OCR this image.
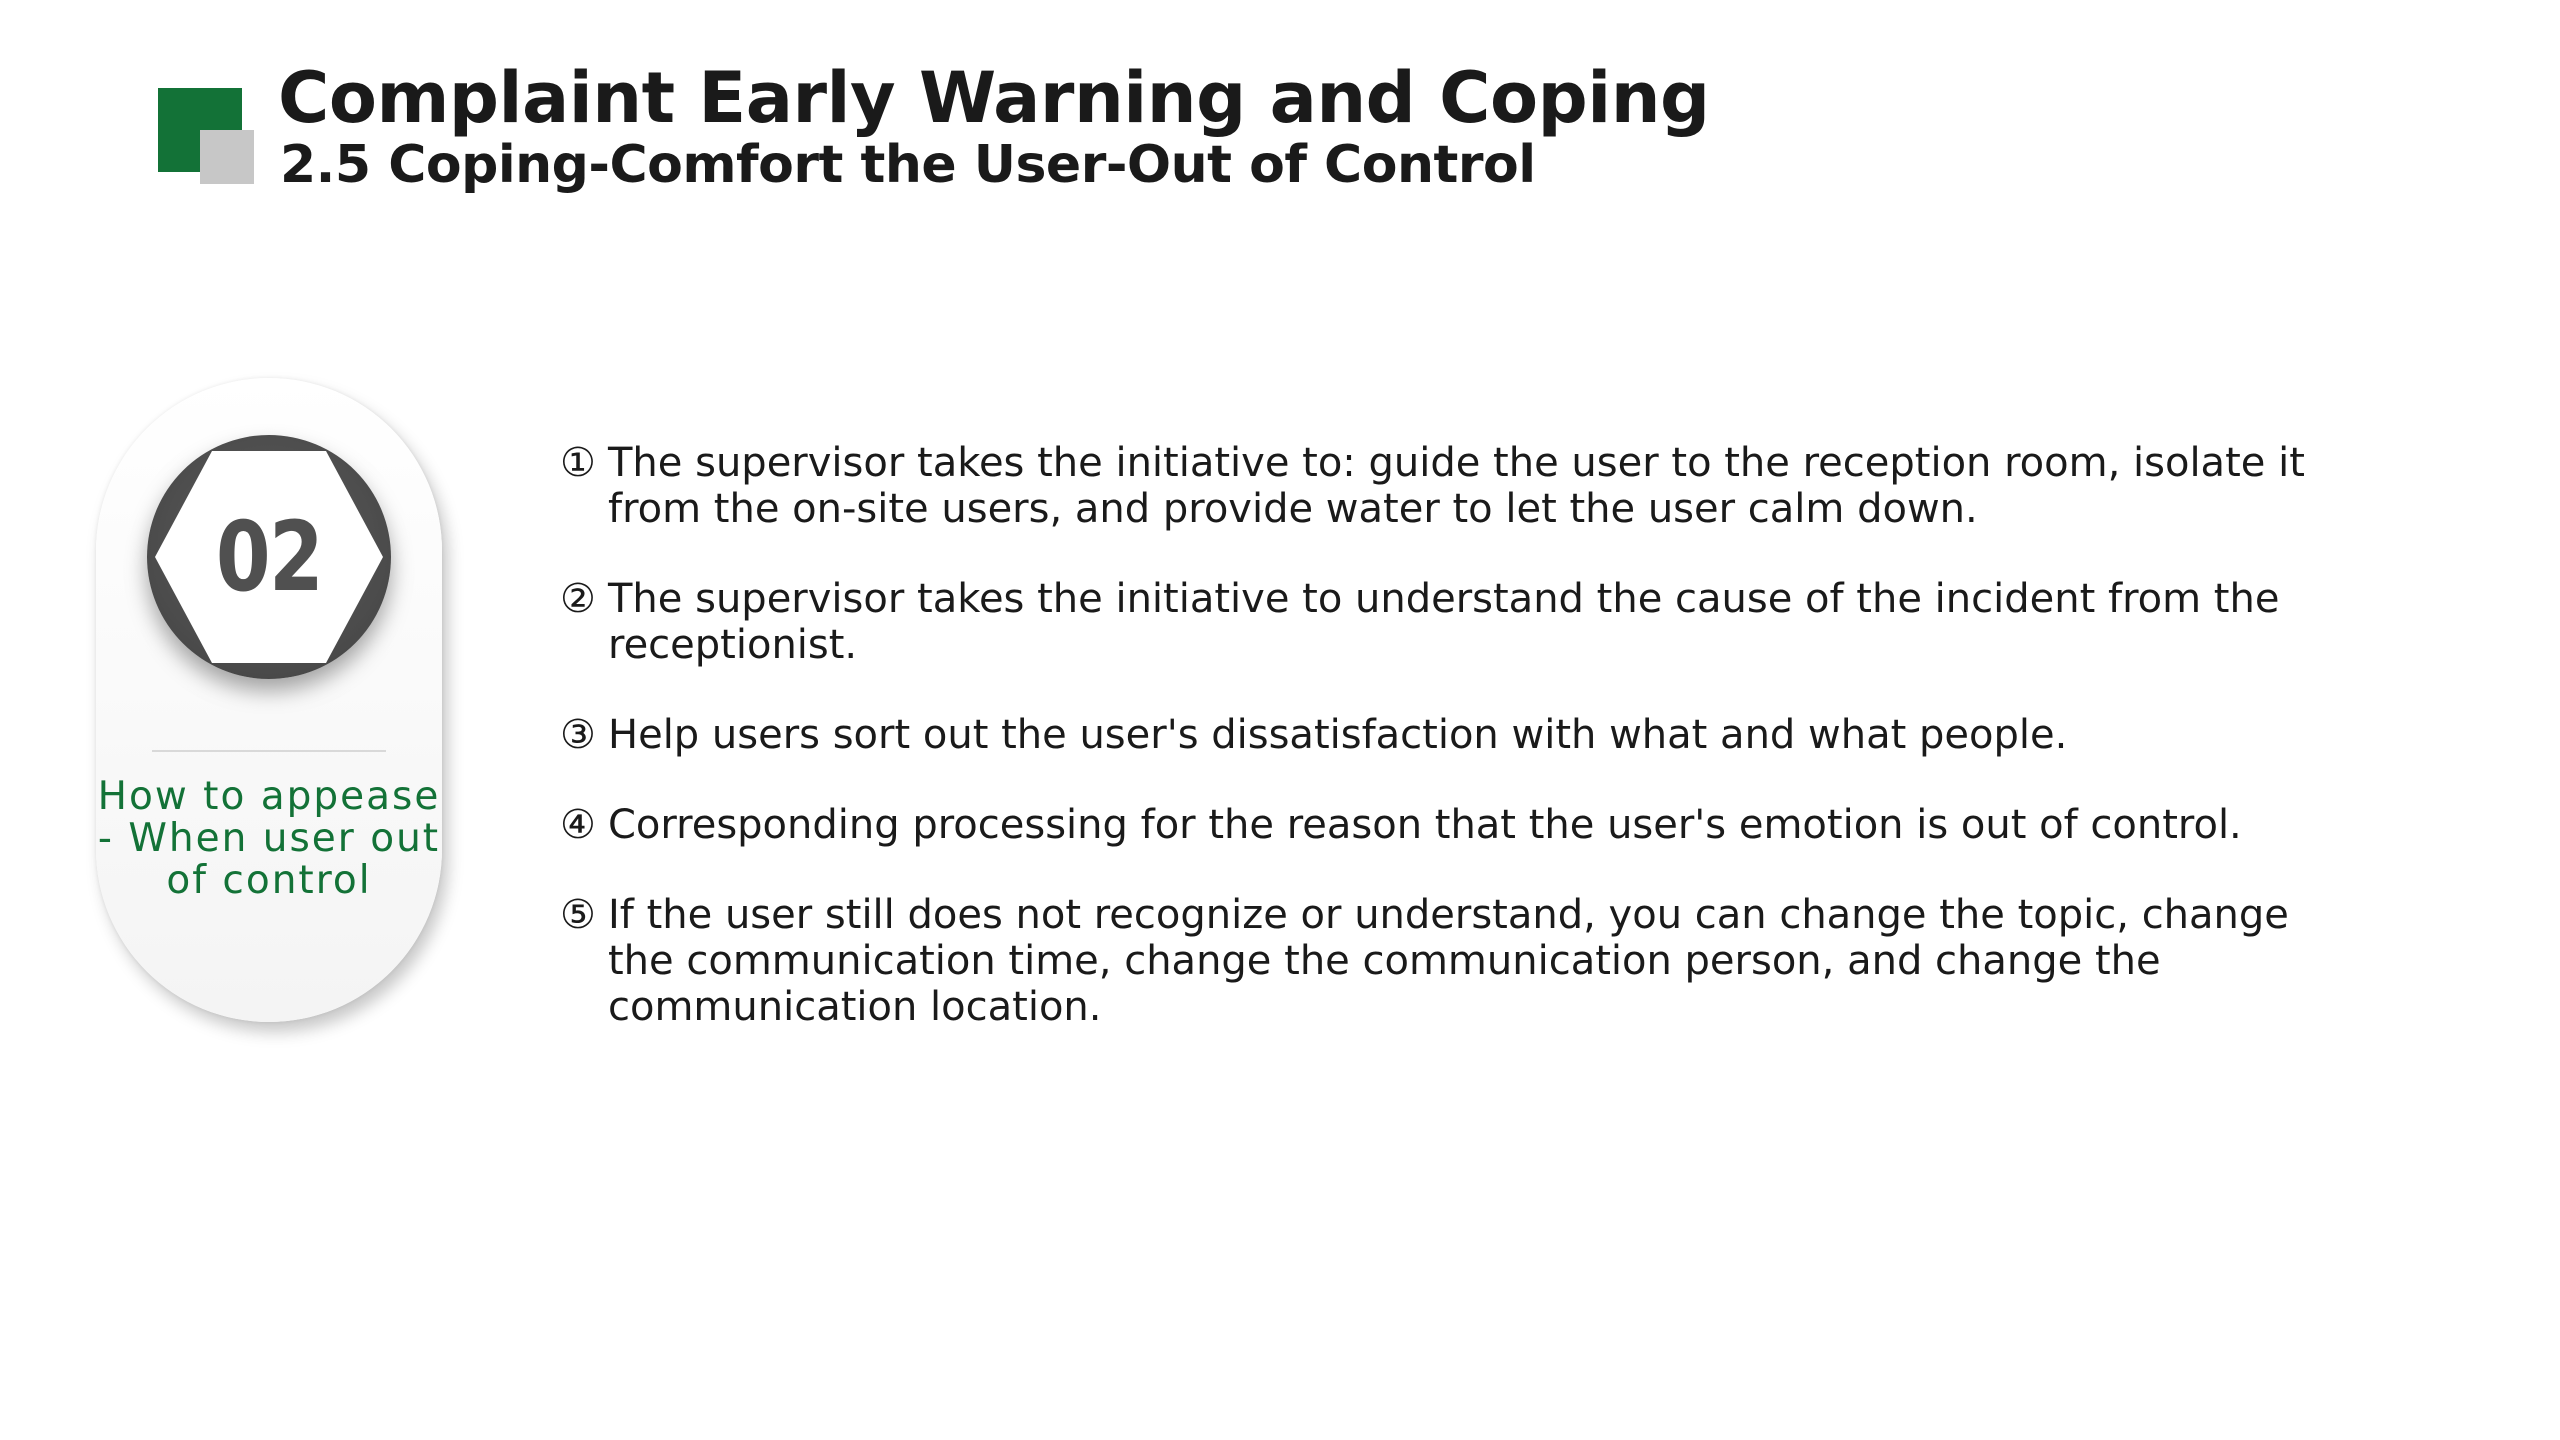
Complaint Early Warning and Coping
2.5 Coping-Comfort the User-Out of Control
02
How to appease - When user out of control
① The supervisor takes the initiative to: guide the user to the reception room, isolate it from the on-site users, and provide water to let the user calm down.
② The supervisor takes the initiative to understand the cause of the incident from the receptionist.
③ Help users sort out the user's dissatisfaction with what and what people.
④ Corresponding processing for the reason that the user's emotion is out of control.
⑤ If the user still does not recognize or understand, you can change the topic, change the communication time, change the communication person, and change the communication location.
